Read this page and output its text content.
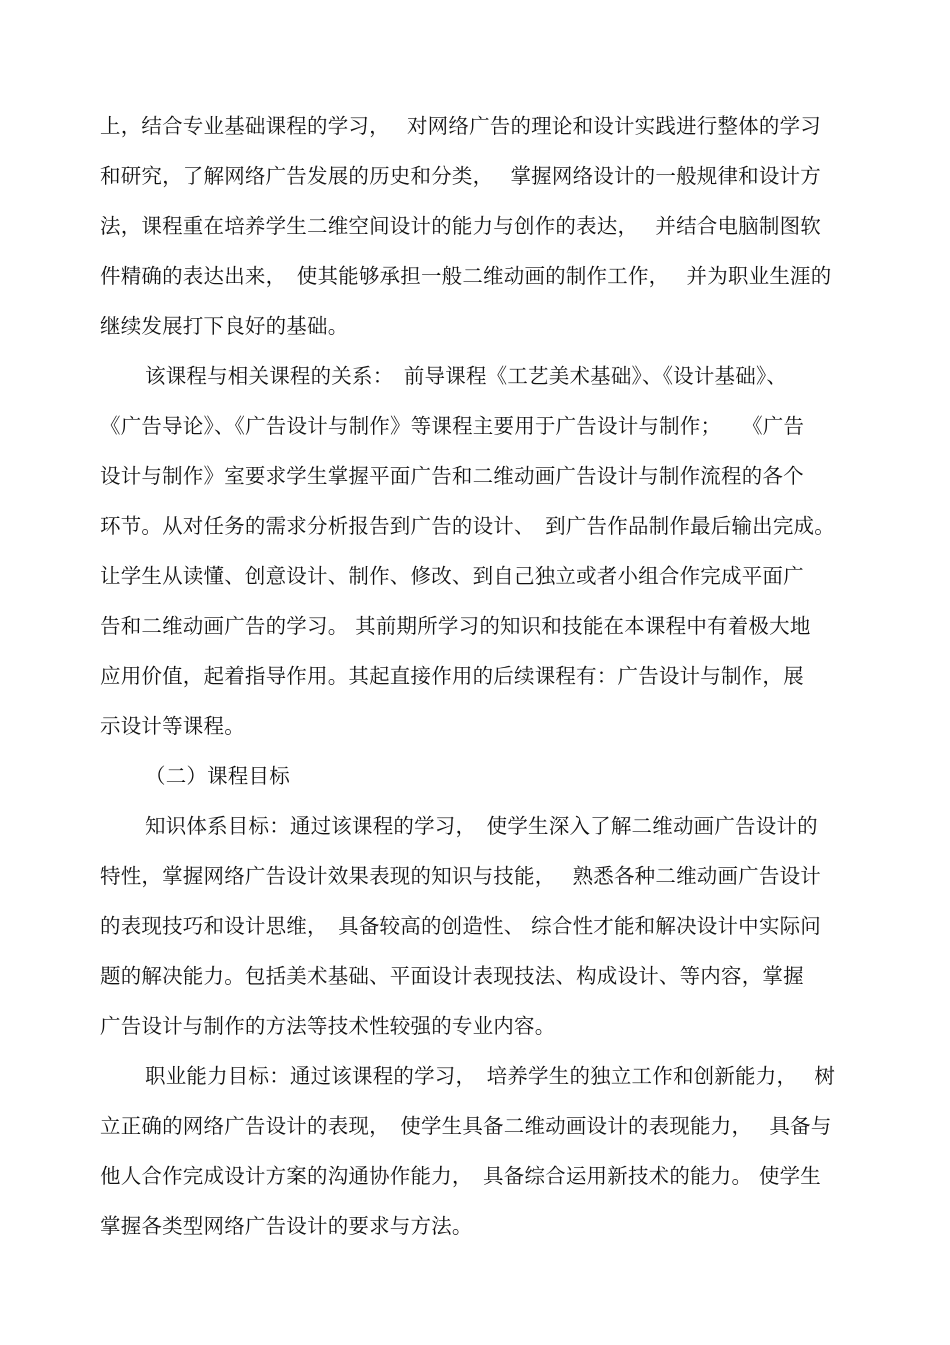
上，结合专业基础课程的学习，　 对网络广告的理论和设计实践进行整体的学习
和研究，了解网络广告发展的历史和分类，　 掌握网络设计的一般规律和设计方
法，课程重在培养学生二维空间设计的能力与创作的表达，　 并结合电脑制图软
件精确的表达出来，　使其能够承担一般二维动画的制作工作，　 并为职业生涯的
继续发展打下良好的基础。
该课程与相关课程的关系：　前导课程《工艺美术基础》、《设计基础》、
《广告导论》、《广告设计与制作》等课程主要用于广告设计与制作；　　《广告
设计与制作》室要求学生掌握平面广告和二维动画广告设计与制作流程的各个
环节。从对任务的需求分析报告到广告的设计、　到广告作品制作最后输出完成。
让学生从读懂、创意设计、制作、修改、到自己独立或者小组合作完成平面广
告和二维动画广告的学习。 其前期所学习的知识和技能在本课程中有着极大地
应用价值，起着指导作用。其起直接作用的后续课程有：广告设计与制作，展
示设计等课程。
（二）课程目标
知识体系目标：通过该课程的学习，　使学生深入了解二维动画广告设计的
特性，掌握网络广告设计效果表现的知识与技能，　 熟悉各种二维动画广告设计
的表现技巧和设计思维，　具备较高的创造性、 综合性才能和解决设计中实际问
题的解决能力。包括美术基础、平面设计表现技法、构成设计、等内容，掌握
广告设计与制作的方法等技术性较强的专业内容。
职业能力目标：通过该课程的学习，　培养学生的独立工作和创新能力，　 树
立正确的网络广告设计的表现，　使学生具备二维动画设计的表现能力，　 具备与
他人合作完成设计方案的沟通协作能力，　具备综合运用新技术的能力。 使学生
掌握各类型网络广告设计的要求与方法。
